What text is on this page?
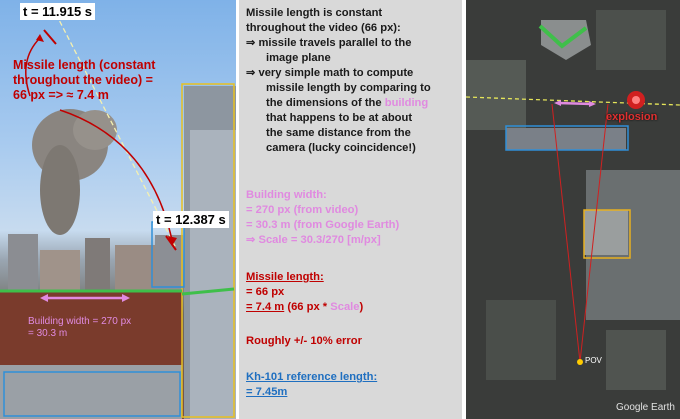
t = 11.915 s
t = 12.387 s
Missile length (constant throughout the video) = 66 px => ≈ 7.4 m
Building width = 270 px
= 30.3 m
Missile length is constant
throughout the video (66 px):
⇒ missile travels parallel to the
image plane
⇒ very simple math to compute
missile length by comparing to
the dimensions of the building
that happens to be at about
the same distance from the
camera (lucky coincidence!)
Building width:
= 270 px (from video)
= 30.3 m (from Google Earth)
⇒ Scale = 30.3/270 [m/px]
Missile length:
= 66 px
= 7.4 m (66 px * Scale)
Roughly +/- 10% error
Kh-101 reference length:
= 7.45m
explosion
POV
Google Earth
